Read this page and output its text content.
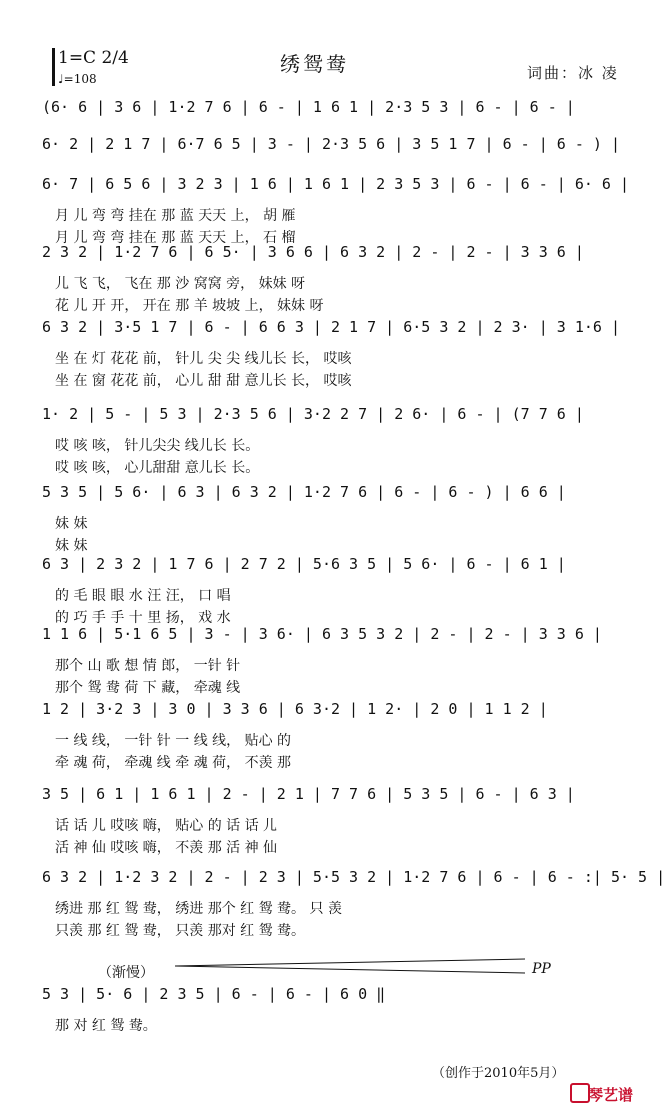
1=C 2/4
♩=108
绣鸳鸯	词曲：冰 凌
(6· 6 | 3 6 | 1·2 7 6 | 6 - | 1 6 1 | 2·3 5 3 | 6 - | 6 - |
6· 2 | 2 1 7 | 6·7 6 5 | 3 - | 2·3 5 6 | 3 5 1 7 | 6 - | 6 - ) |
6· 7 | 6 5 6 | 3 2 3 | 1 6 | 1 6 1 | 2 3 5 3 | 6 - | 6 - | 6· 6 |
月 儿 弯 弯 挂在 那 蓝 天天 上， 胡 雁
月 儿 弯 弯 挂在 那 蓝 天天 上， 石 榴
2 3 2 | 1·2 7 6 | 6 5· | 3 6 6 | 6 3 2 | 2 - | 2 - | 3 3 6 |
儿 飞 飞， 飞在 那 沙 窝窝 旁， 妹妹 呀
花 儿 开 开， 开在 那 羊 坡坡 上， 妹妹 呀
6 3 2 | 3·5 1 7 | 6 - | 6 6 3 | 2 1 7 | 6·5 3 2 | 2 3· | 3 1·6 |
坐 在 灯 花花 前， 针儿 尖 尖 线儿长 长， 哎咳
坐 在 窗 花花 前， 心儿 甜 甜 意儿长 长， 哎咳
1· 2 | 5 - | 5 3 | 2·3 5 6 | 3·2 2 7 | 2 6· | 6 - | (7 7 6 |
哎 咳 咳， 针儿尖尖 线儿长 长。
哎 咳 咳， 心儿甜甜 意儿长 长。
5 3 5 | 5 6· | 6 3 | 6 3 2 | 1·2 7 6 | 6 - | 6 - ) | 6 6 |
妹 妹
妹 妹
6 3 | 2 3 2 | 1 7 6 | 2 7 2 | 5·6 3 5 | 5 6· | 6 - | 6 1 |
的 毛 眼 眼 水 汪 汪， 口 唱
的 巧 手 手 十 里 扬， 戏 水
1 1 6 | 5·1 6 5 | 3 - | 3 6· | 6 3 5 3 2 | 2 - | 2 - | 3 3 6 |
那个 山 歌 想 情 郎， 一针 针
那个 鸳 鸯 荷 下 藏， 牵魂 线
1 2 | 3·2 3 | 3 0 | 3 3 6 | 6 3·2 | 1 2· | 2 0 | 1 1 2 |
一 线 线， 一针 针 一 线 线， 贴心 的
牵 魂 荷， 牵魂 线 牵 魂 荷， 不羡 那
3 5 | 6 1 | 1 6 1 | 2 - | 2 1 | 7 7 6 | 5 3 5 | 6 - | 6 3 |
话 话 儿 哎咳 嗨， 贴心 的 话 话 儿
活 神 仙 哎咳 嗨， 不羡 那 活 神 仙
6 3 2 | 1·2 3 2 | 2 - | 2 3 | 5·5 3 2 | 1·2 7 6 | 6 - | 6 - :| 5· 5 |
绣进 那 红 鸳 鸯， 绣进 那个 红 鸳 鸯。 只 羡
只羡 那 红 鸳 鸯， 只羡 那对 红 鸳 鸯。
5 3 | 5· 6 | 2 3 5 | 6 - | 6 - | 6 0 ‖
那 对 红 鸳 鸯。
（渐慢）	PP
（创作于2010年5月）
琴艺谱
